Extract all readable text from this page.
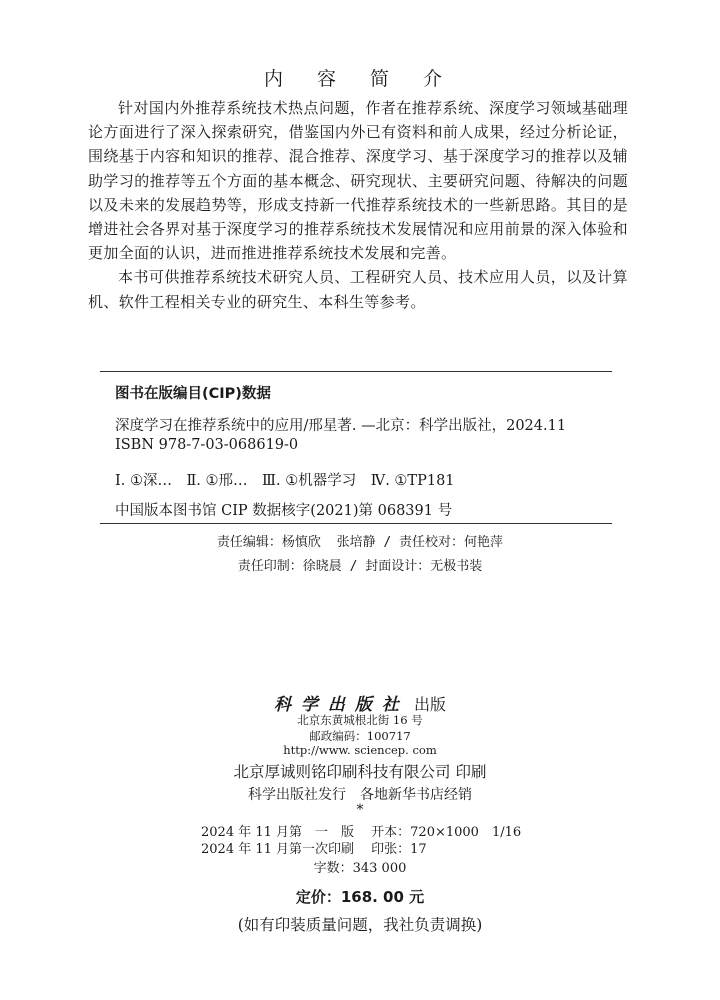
内 容 简 介

针对国内外推荐系统技术热点问题，作者在推荐系统、深度学习领域基础理论方面进行了深入探索研究，借鉴国内外已有资料和前人成果，经过分析论证，围绕基于内容和知识的推荐、混合推荐、深度学习、基于深度学习的推荐以及辅助学习的推荐等五个方面的基本概念、研究现状、主要研究问题、待解决的问题以及未来的发展趋势等，形成支持新一代推荐系统技术的一些新思路。其目的是增进社会各界对基于深度学习的推荐系统技术发展情况和应用前景的深入体验和更加全面的认识，进而推进推荐系统技术发展和完善。

本书可供推荐系统技术研究人员、工程研究人员、技术应用人员，以及计算机、软件工程相关专业的研究生、本科生等参考。

图书在版编目(CIP)数据
深度学习在推荐系统中的应用/邢星著. —北京：科学出版社，2024.11
ISBN 978-7-03-068619-0
Ⅰ. ①深…　Ⅱ. ①邢…　Ⅲ. ①机器学习　Ⅳ. ①TP181
中国版本图书馆 CIP 数据核字(2021)第 068391 号
责任编辑：杨慎欣  张培静 / 责任校对：何艳萍
责任印制：徐晓晨 / 封面设计：无极书装
科学出版社 出版
北京东黄城根北街 16 号
邮政编码：100717
http://www. sciencep. com
北京厚诚则铭印刷科技有限公司 印刷
科学出版社发行　各地新华书店经销
*
2024 年 11 月第　一　版　 开本：720×1000　1/16
2024 年 11 月第一次印刷　 印张：17
字数：343 000
定价：168. 00 元
(如有印装质量问题，我社负责调换)
